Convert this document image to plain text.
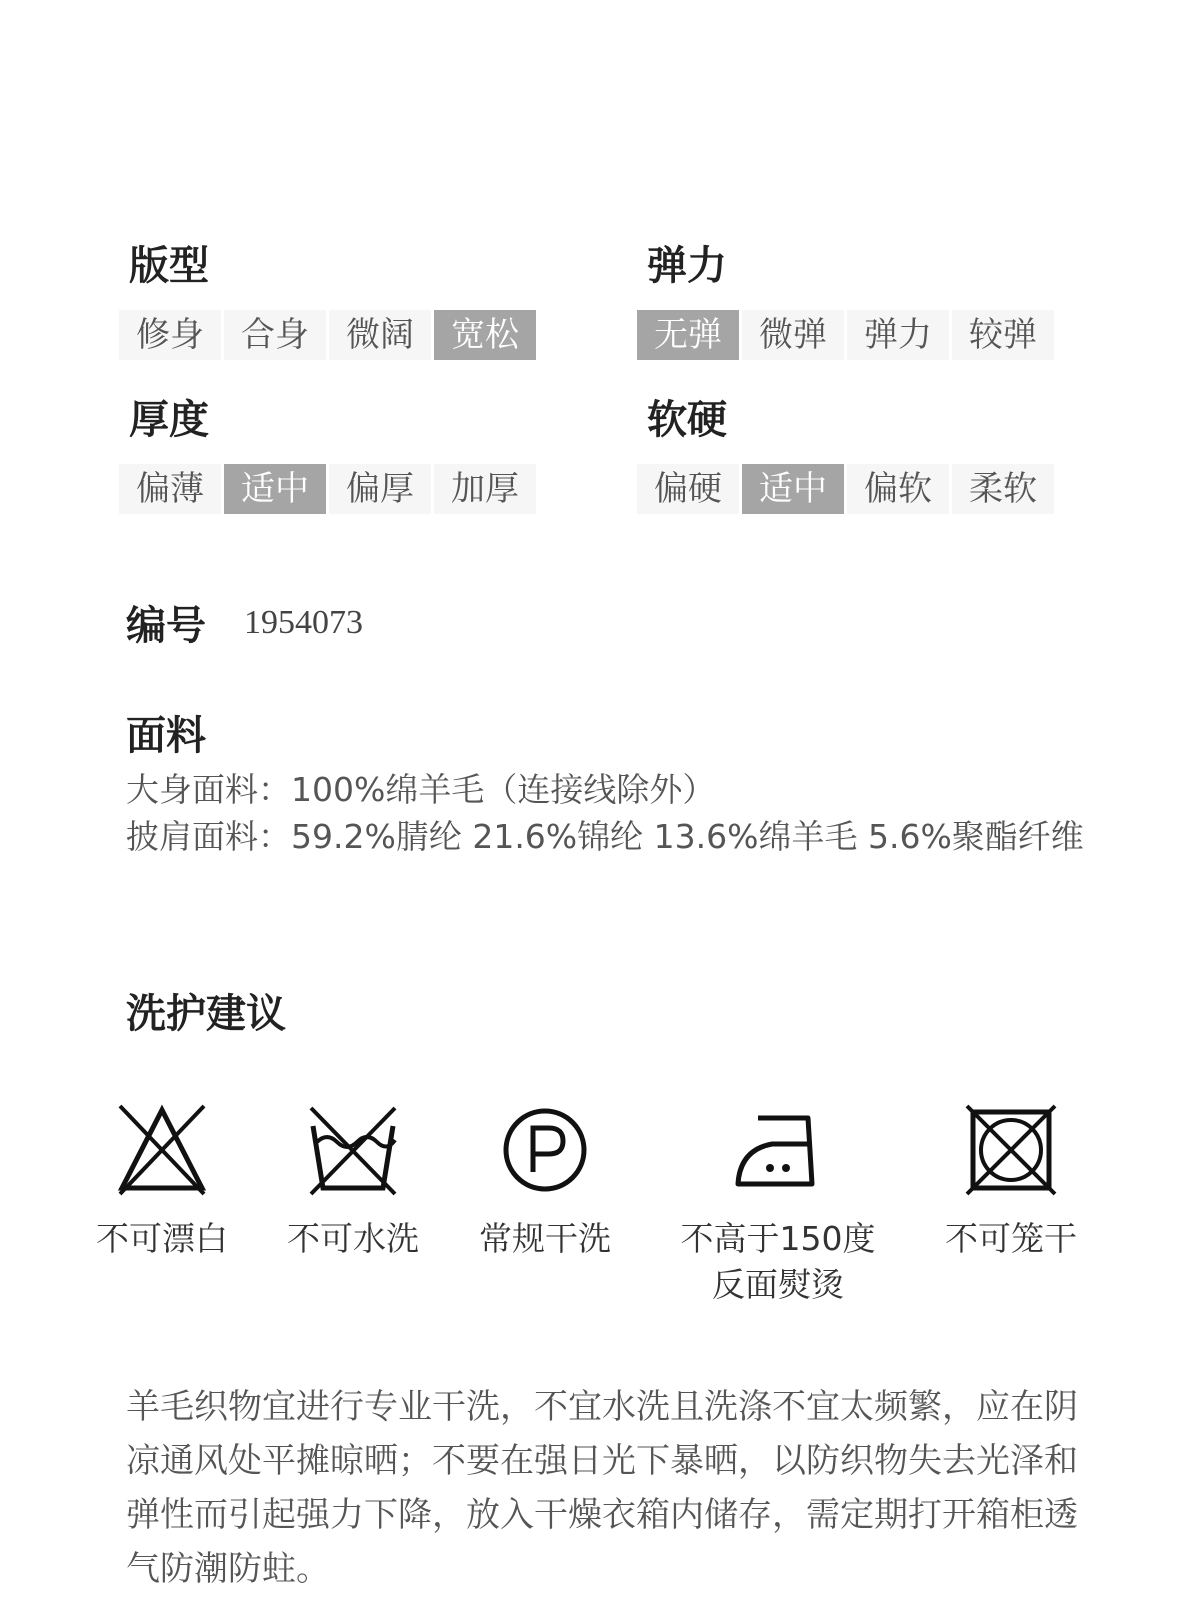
版型
修身	合身	微阔	宽松
弹力
无弹	微弹	弹力	较弹
厚度
偏薄	适中	偏厚	加厚
软硬
偏硬	适中	偏软	柔软
编号 1954073
面料
大身面料：100%绵羊毛（连接线除外）
披肩面料：59.2%腈纶 21.6%锦纶 13.6%绵羊毛 5.6%聚酯纤维
洗护建议
不可漂白 不可水洗 常规干洗 不高于150度
反面熨烫
不可笼干
羊毛织物宜进行专业干洗，不宜水洗且洗涤不宜太频繁，应在阴凉通风处平摊晾晒；不要在强日光下暴晒，以防织物失去光泽和弹性而引起强力下降，放入干燥衣箱内储存，需定期打开箱柜透气防潮防蛀。
